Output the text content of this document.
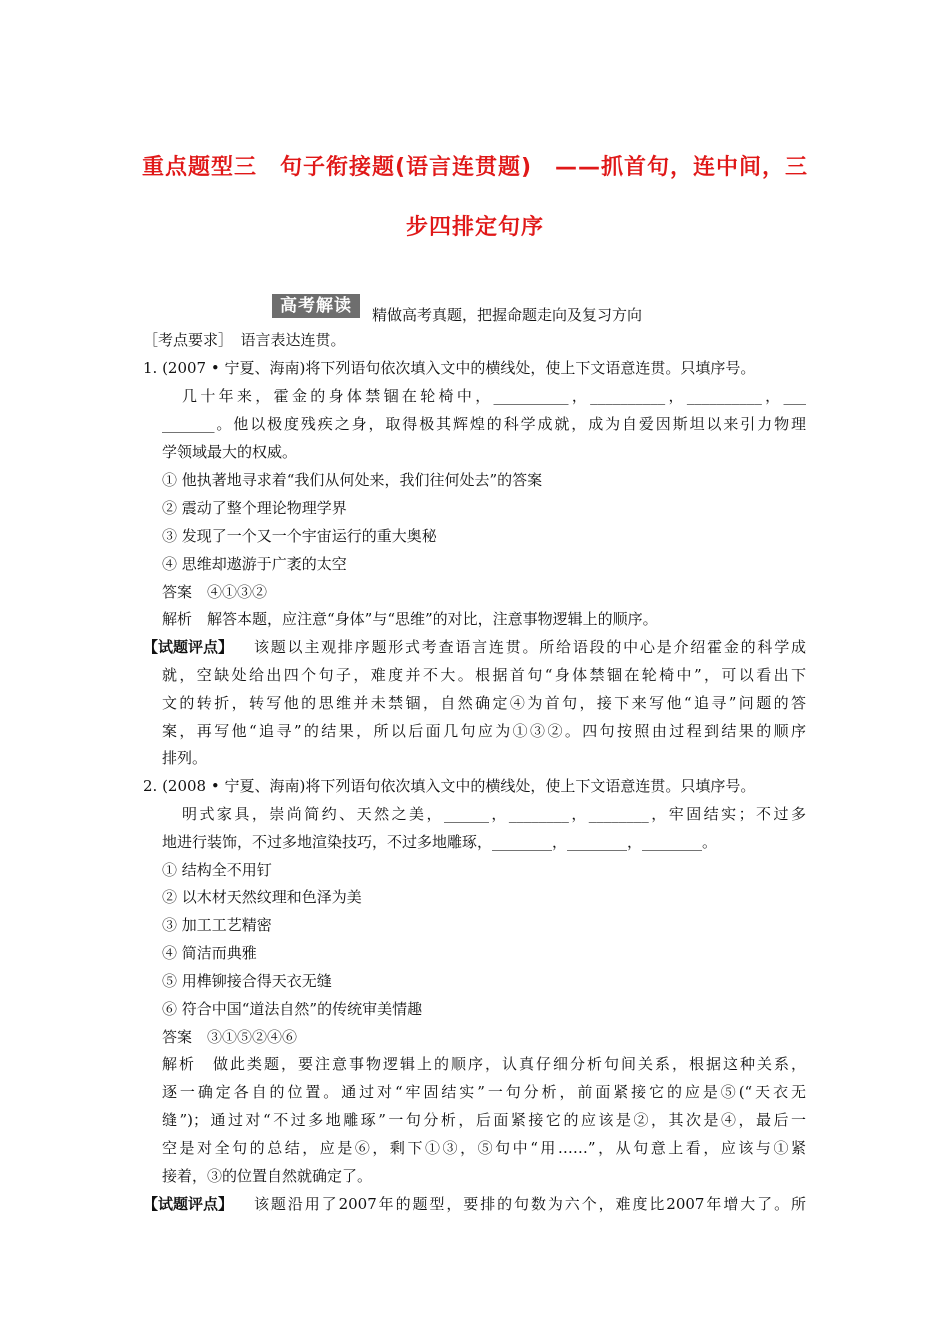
重点题型三　句子衔接题(语言连贯题)　——抓首句，连中间，三
步四排定句序
高考解读	精做高考真题，把握命题走向及复习方向
［考点要求］　语言表达连贯。
1. (2007 • 宁夏、海南)将下列语句依次填入文中的横线处，使上下文语意连贯。只填序号。
几十年来，霍金的身体禁锢在轮椅中，__________，__________，__________，___
_______。他以极度残疾之身，取得极其辉煌的科学成就，成为自爱因斯坦以来引力物理
学领域最大的权威。
① 他执著地寻求着“我们从何处来，我们往何处去”的答案
② 震动了整个理论物理学界
③ 发现了一个又一个宇宙运行的重大奥秘
④ 思维却遨游于广袤的太空
答案　④①③②
解析　解答本题，应注意“身体”与“思维”的对比，注意事物逻辑上的顺序。
【试题评点】 该题以主观排序题形式考查语言连贯。所给语段的中心是介绍霍金的科学成
就，空缺处给出四个句子，难度并不大。根据首句“身体禁锢在轮椅中”，可以看出下
文的转折，转写他的思维并未禁锢，自然确定④为首句，接下来写他“追寻”问题的答
案，再写他“追寻”的结果，所以后面几句应为①③②。四句按照由过程到结果的顺序
排列。
2. (2008 • 宁夏、海南)将下列语句依次填入文中的横线处，使上下文语意连贯。只填序号。
明式家具，崇尚简约、天然之美，______，________，________，牢固结实；不过多
地进行装饰，不过多地渲染技巧，不过多地雕琢，________，________，________。
① 结构全不用钉
② 以木材天然纹理和色泽为美
③ 加工工艺精密
④ 简洁而典雅
⑤ 用榫铆接合得天衣无缝
⑥ 符合中国“道法自然”的传统审美情趣
答案　③①⑤②④⑥
解析　做此类题，要注意事物逻辑上的顺序，认真仔细分析句间关系，根据这种关系，
逐一确定各自的位置。通过对“牢固结实”一句分析，前面紧接它的应是⑤(“天衣无
缝”)；通过对“不过多地雕琢”一句分析，后面紧接它的应该是②，其次是④，最后一
空是对全句的总结，应是⑥，剩下①③，⑤句中“用……”，从句意上看，应该与①紧
接着，③的位置自然就确定了。
【试题评点】 该题沿用了2007年的题型，要排的句数为六个，难度比2007年增大了。所
